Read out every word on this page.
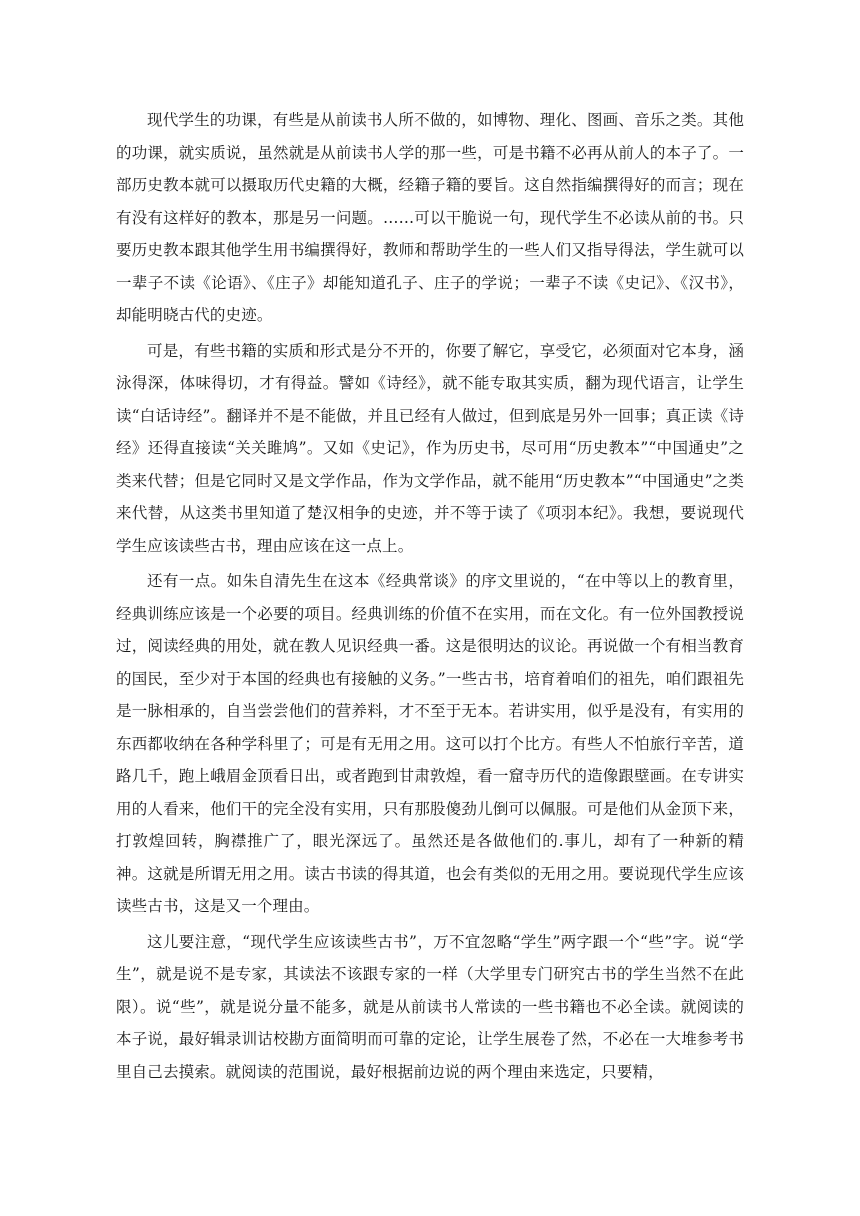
现代学生的功课，有些是从前读书人所不做的，如博物、理化、图画、音乐之类。其他的功课，就实质说，虽然就是从前读书人学的那一些，可是书籍不必再从前人的本子了。一部历史教本就可以摄取历代史籍的大概，经籍子籍的要旨。这自然指编撰得好的而言；现在有没有这样好的教本，那是另一问题。……可以干脆说一句，现代学生不必读从前的书。只要历史教本跟其他学生用书编撰得好，教师和帮助学生的一些人们又指导得法，学生就可以一辈子不读《论语》、《庄子》却能知道孔子、庄子的学说；一辈子不读《史记》、《汉书》，却能明晓古代的史迹。

可是，有些书籍的实质和形式是分不开的，你要了解它，享受它，必须面对它本身，涵泳得深，体味得切，才有得益。譬如《诗经》，就不能专取其实质，翻为现代语言，让学生读“白话诗经”。翻译并不是不能做，并且已经有人做过，但到底是另外一回事；真正读《诗经》还得直接读“关关雎鸠”。又如《史记》，作为历史书，尽可用“历史教本”“中国通史”之类来代替；但是它同时又是文学作品，作为文学作品，就不能用“历史教本”“中国通史”之类来代替，从这类书里知道了楚汉相争的史迹，并不等于读了《项羽本纪》。我想，要说现代学生应该读些古书，理由应该在这一点上。

还有一点。如朱自清先生在这本《经典常谈》的序文里说的，“在中等以上的教育里，经典训练应该是一个必要的项目。经典训练的价值不在实用，而在文化。有一位外国教授说过，阅读经典的用处，就在教人见识经典一番。这是很明达的议论。再说做一个有相当教育的国民，至少对于本国的经典也有接触的义务。”一些古书，培育着咱们的祖先，咱们跟祖先是一脉相承的，自当尝尝他们的营养料，才不至于无本。若讲实用，似乎是没有，有实用的东西都收纳在各种学科里了；可是有无用之用。这可以打个比方。有些人不怕旅行辛苦，道路几千，跑上峨眉金顶看日出，或者跑到甘肃敦煌，看一窟寺历代的造像跟壁画。在专讲实用的人看来，他们干的完全没有实用，只有那股傻劲儿倒可以佩服。可是他们从金顶下来，打敦煌回转，胸襟推广了，眼光深远了。虽然还是各做他们的.事儿，却有了一种新的精神。这就是所谓无用之用。读古书读的得其道，也会有类似的无用之用。要说现代学生应该读些古书，这是又一个理由。

这儿要注意，“现代学生应该读些古书”，万不宜忽略“学生”两字跟一个“些”字。说“学生”，就是说不是专家，其读法不该跟专家的一样（大学里专门研究古书的学生当然不在此限）。说“些”，就是说分量不能多，就是从前读书人常读的一些书籍也不必全读。就阅读的本子说，最好辑录训诂校勘方面简明而可靠的定论，让学生展卷了然，不必在一大堆参考书里自己去摸索。就阅读的范围说，最好根据前边说的两个理由来选定，只要精，
